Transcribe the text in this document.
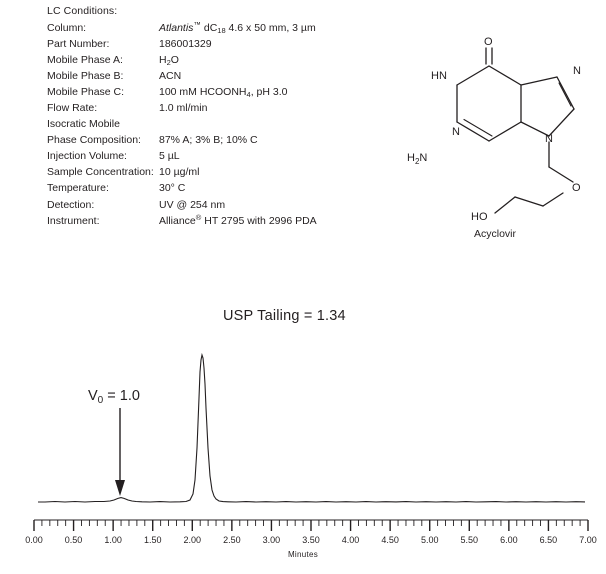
LC Conditions:
Column:	Atlantis™ $dC_{18}$ 4.6 x 50 mm, 3 µm
Part Number:	186001329
Mobile Phase A:	$H_2O$
Mobile Phase B:	ACN
Mobile Phase C:	100 mM $HCOONH_4$, pH 3.0
Flow Rate:	1.0 ml/min
Isocratic Mobile
Phase Composition:	87% A; 3% B; 10% C
Injection Volume:	5 µL
Sample Concentration: 10 µg/ml
Temperature:	30° C
Detection:	UV @ 254 nm
Instrument:	Alliance® HT 2795 with 2996 PDA
O
HN
N
$H_2N$
N
N
O
HO
Acyclovir
USP Tailing = 1.34
$V_0 = 1.0$
0.00	0.50	1.00	1.50	2.00	2.50	3.00	3.50	4.00	4.50	5.00	5.50	6.00	6.50	7.00
Minutes
